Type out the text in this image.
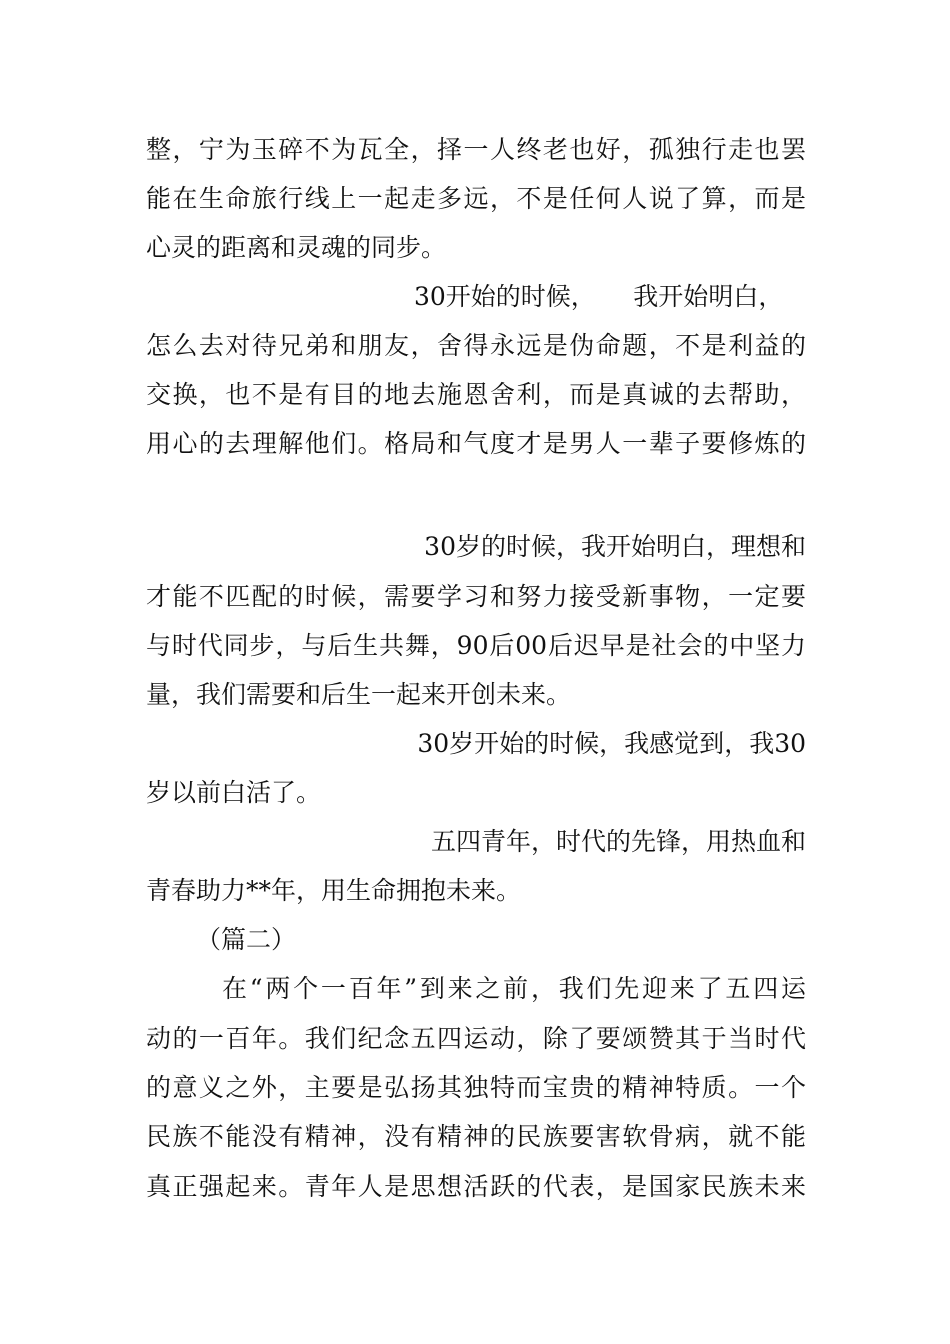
整，宁为玉碎不为瓦全，择一人终老也好，孤独行走也罢
能在生命旅行线上一起走多远，不是任何人说了算，而是
心灵的距离和灵魂的同步。
30开始的时候，　　我开始明白，
怎么去对待兄弟和朋友，舍得永远是伪命题，不是利益的
交换，也不是有目的地去施恩舍利，而是真诚的去帮助，
用心的去理解他们。格局和气度才是男人一辈子要修炼的
30岁的时候，我开始明白，理想和
才能不匹配的时候，需要学习和努力接受新事物，一定要
与时代同步，与后生共舞，90后00后迟早是社会的中坚力
量，我们需要和后生一起来开创未来。
30岁开始的时候，我感觉到，我30
岁以前白活了。
五四青年，时代的先锋，用热血和
青春助力**年，用生命拥抱未来。
（篇二）
在“两个一百年”到来之前，我们先迎来了五四运
动的一百年。我们纪念五四运动，除了要颂赞其于当时代
的意义之外，主要是弘扬其独特而宝贵的精神特质。一个
民族不能没有精神，没有精神的民族要害软骨病，就不能
真正强起来。青年人是思想活跃的代表，是国家民族未来
